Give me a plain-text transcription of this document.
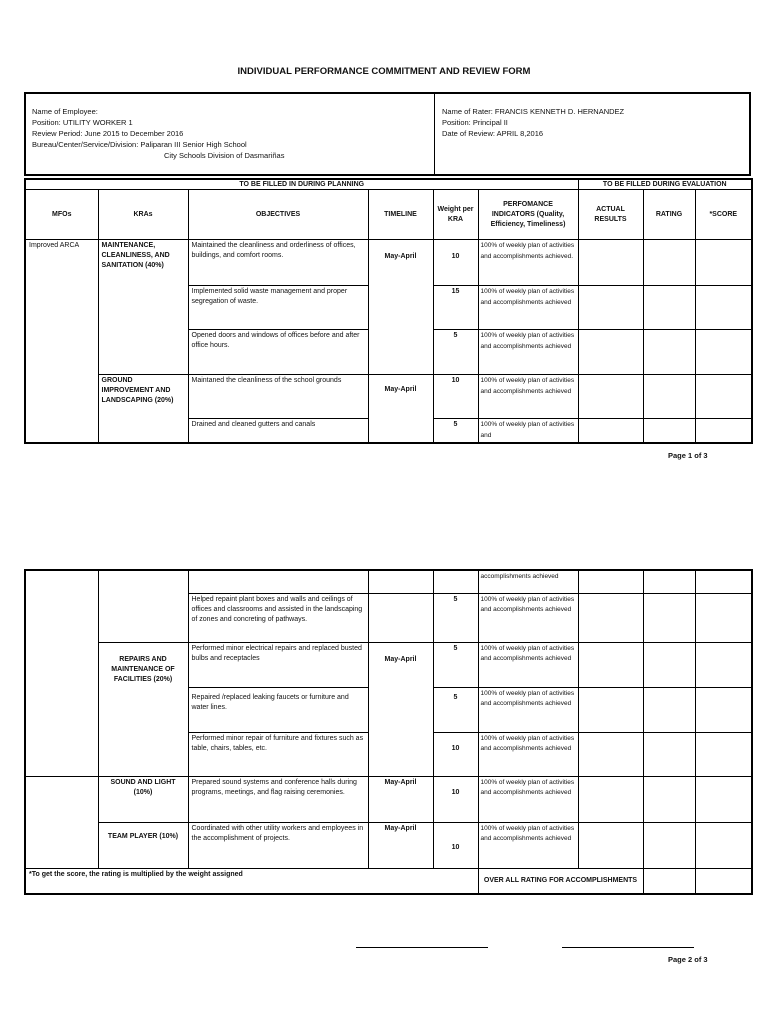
INDIVIDUAL PERFORMANCE COMMITMENT AND REVIEW FORM
Name of Employee:
Position: UTILITY WORKER 1
Review Period: June 2015 to December 2016
Bureau/Center/Service/Division: Paliparan III Senior High School
City Schools Division of Dasmariñas
Name of Rater: FRANCIS KENNETH D. HERNANDEZ
Position: Principal II
Date of Review: APRIL 8,2016
TO BE FILLED IN DURING PLANNING						TO BE FILLED DURING EVALUATION		
MFOs	KRAs	OBJECTIVES	TIMELINE	Weight per KRA	PERFOMANCE INDICATORS (Quality, Efficiency, Timeliness)	ACTUAL RESULTS	RATING	*SCORE
Improved ARCA	MAINTENANCE, CLEANLINESS, AND SANITATION (40%)	Maintained the cleanliness and orderliness of offices, buildings, and comfort rooms.	May-April	10	100% of weekly plan of activities and accomplishments achieved.			
		Implemented solid waste management and proper segregation of waste.		15	100% of weekly plan of activities and accomplishments achieved			
		Opened doors and windows of offices before and after office hours.		5	100% of weekly plan of activities and accomplishments achieved			
	GROUND IMPROVEMENT AND LANDSCAPING (20%)	Maintaned the cleanliness of the school grounds	May-April	10	100% of weekly plan of activities and accomplishments achieved			
		Drained and cleaned gutters and canals		5	100% of weekly plan of activities and			
Page 1 of 3
					accomplishments achieved			
		Helped repaint plant boxes and walls and ceilings of offices and classrooms and assisted in the landscaping of zones and concreting of pathways.		5	100% of weekly plan of activities and accomplishments achieved			
	REPAIRS AND MAINTENANCE OF FACILITIES (20%)	Performed minor electrical repairs and replaced busted bulbs and receptacles	May-April	5	100% of weekly plan of activities and accomplishments achieved			
		Repaired /replaced leaking faucets or furniture and water lines.		5	100% of weekly plan of activities and accomplishments achieved			
		Performed minor repair of furniture and fixtures such as table, chairs, tables, etc.		10	100% of weekly plan of activities and accomplishments achieved			
	SOUND AND LIGHT (10%)	Prepared sound systems and conference halls during programs, meetings, and flag raising ceremonies.	May-April	10	100% of weekly plan of activities and accomplishments achieved			
	TEAM PLAYER (10%)	Coordinated with other utility workers and employees in the accomplishment of projects.	May-April	10	100% of weekly plan of activities and accomplishments achieved			
*To get the score, the rating is multiplied by the weight assigned					OVER ALL RATING FOR ACCOMPLISHMENTS			
Page 2 of 3
